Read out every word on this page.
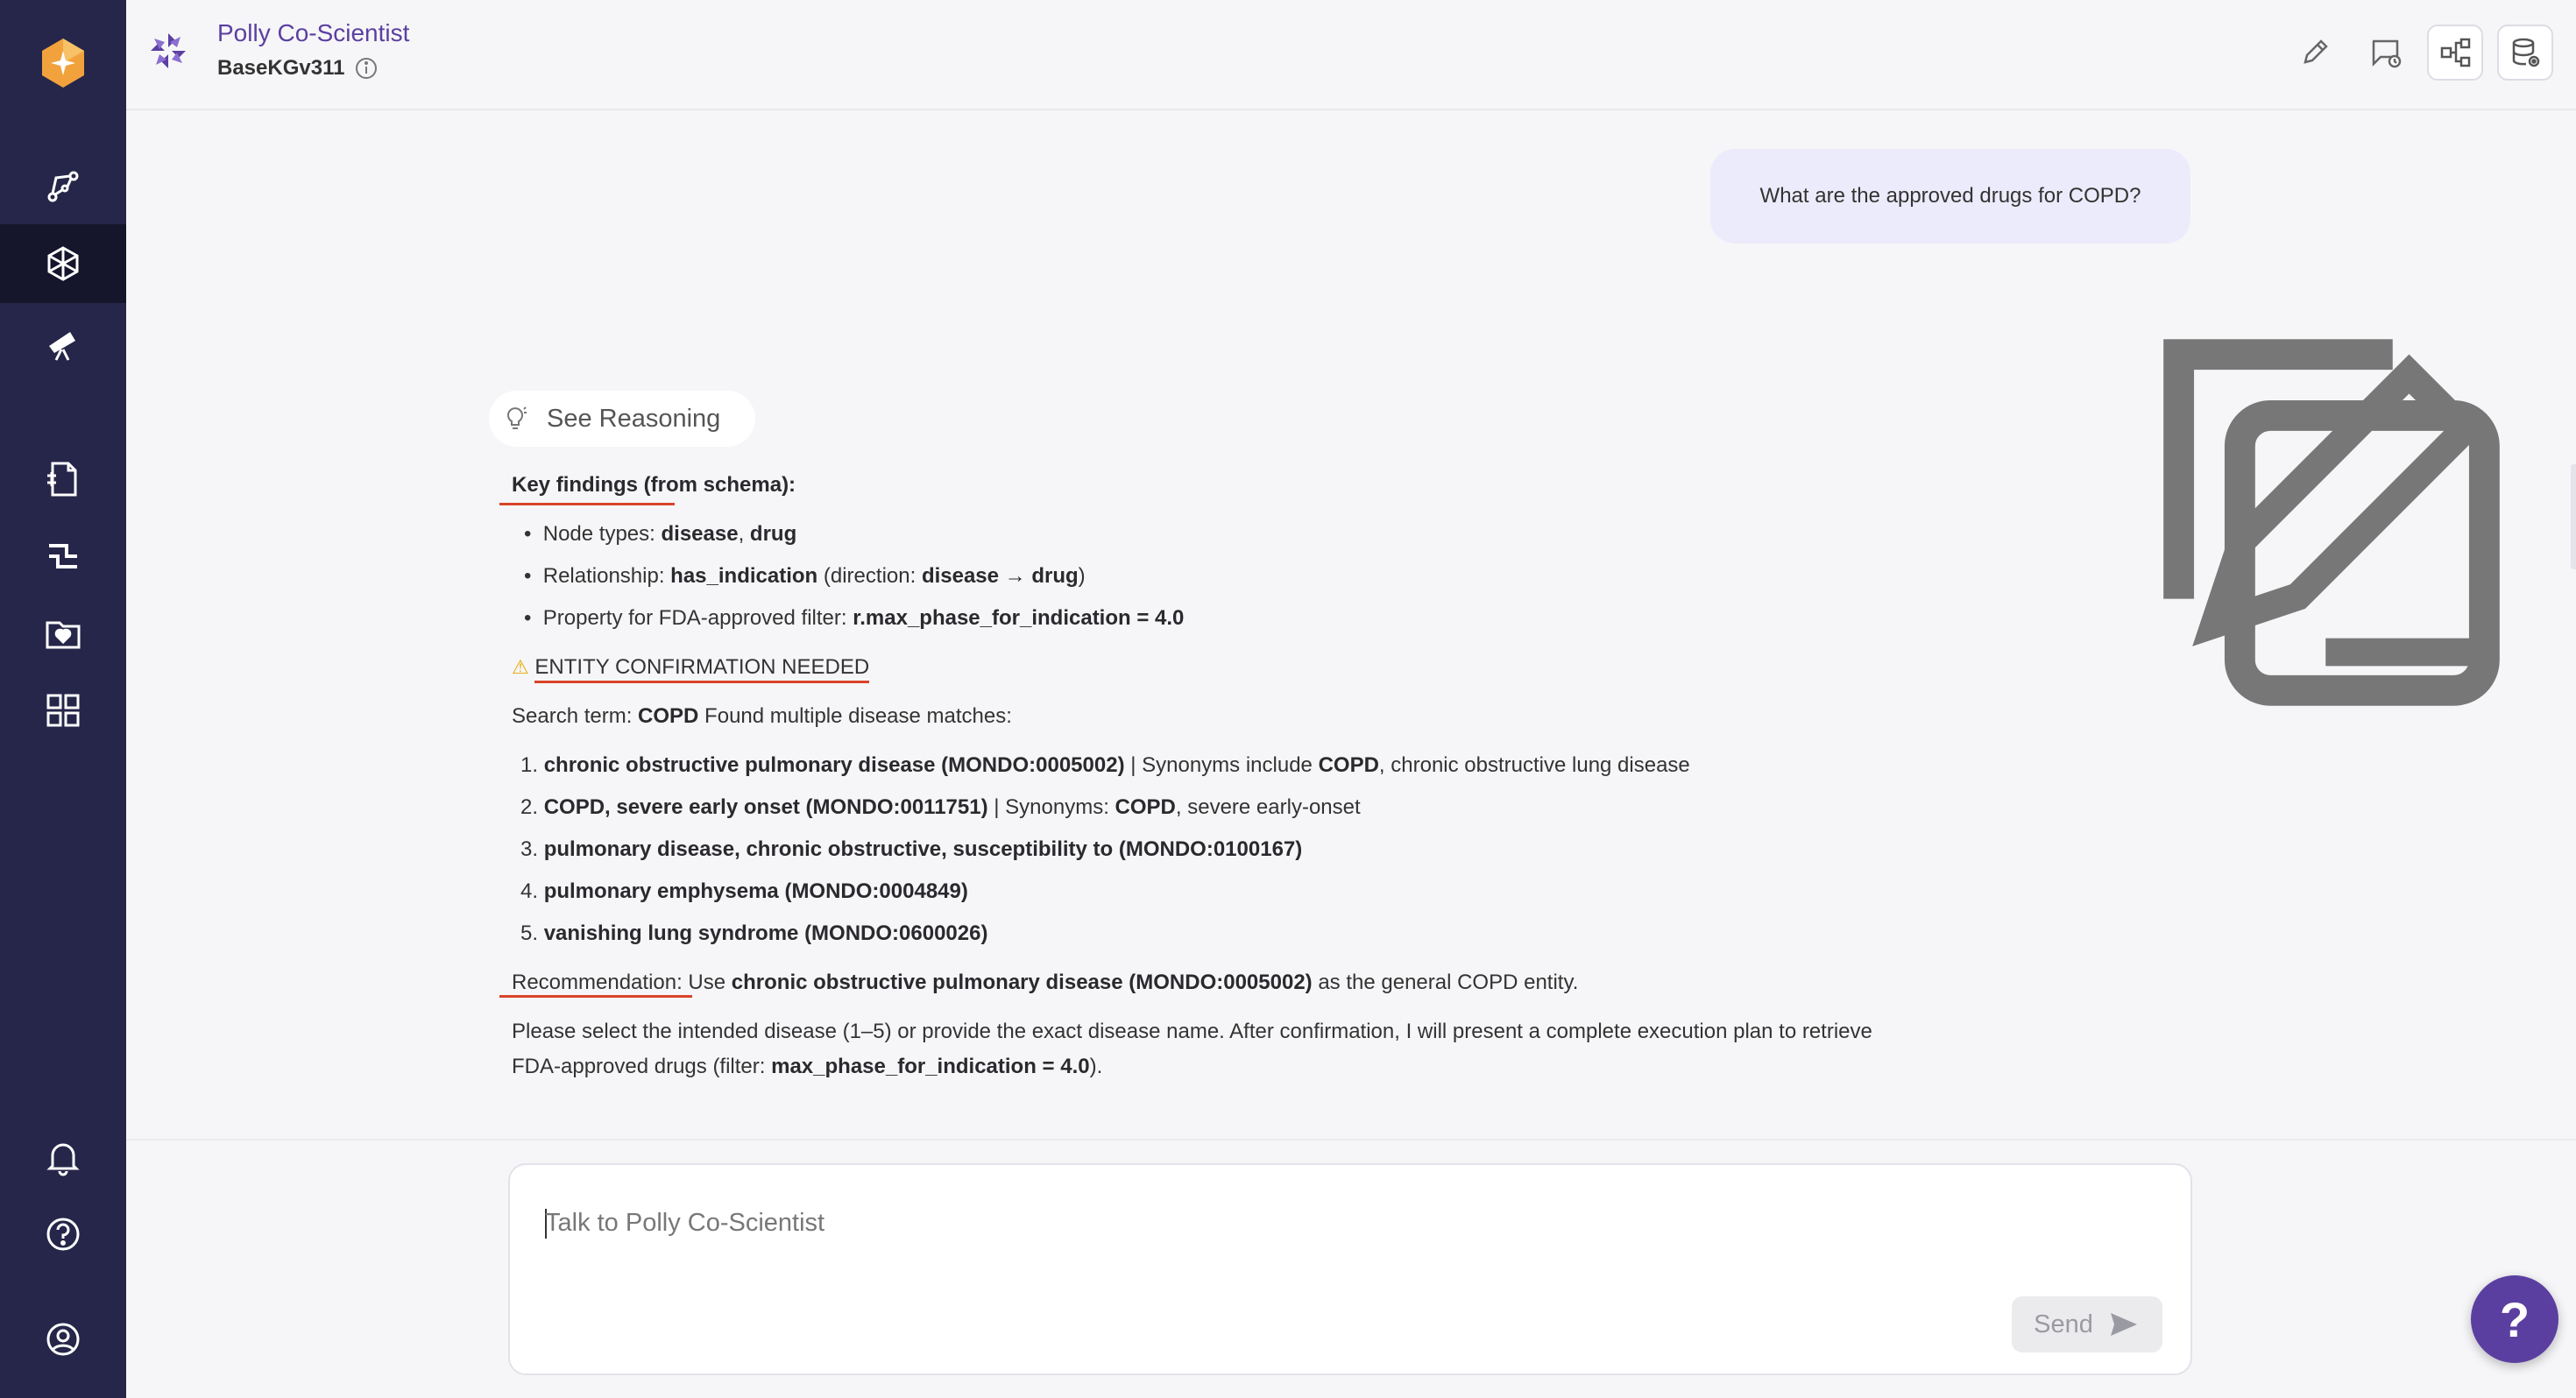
Polly Co-Scientist
BaseKGv311
What are the approved drugs for COPD?
See Reasoning
Key findings (from schema):
•  Node types: disease, drug
•  Relationship: has_indication (direction: disease → drug)
•  Property for FDA-approved filter: r.max_phase_for_indication = 4.0
⚠ ENTITY CONFIRMATION NEEDED
Search term: COPD Found multiple disease matches:
1. chronic obstructive pulmonary disease (MONDO:0005002) | Synonyms include COPD, chronic obstructive lung disease
2. COPD, severe early onset (MONDO:0011751) | Synonyms: COPD, severe early-onset
3. pulmonary disease, chronic obstructive, susceptibility to (MONDO:0100167)
4. pulmonary emphysema (MONDO:0004849)
5. vanishing lung syndrome (MONDO:0600026)
Recommendation: Use chronic obstructive pulmonary disease (MONDO:0005002) as the general COPD entity.
Please select the intended disease (1–5) or provide the exact disease name. After confirmation, I will present a complete execution plan to retrieve
FDA-approved drugs (filter: max_phase_for_indication = 4.0).
Talk to Polly Co-Scientist
Send	?
